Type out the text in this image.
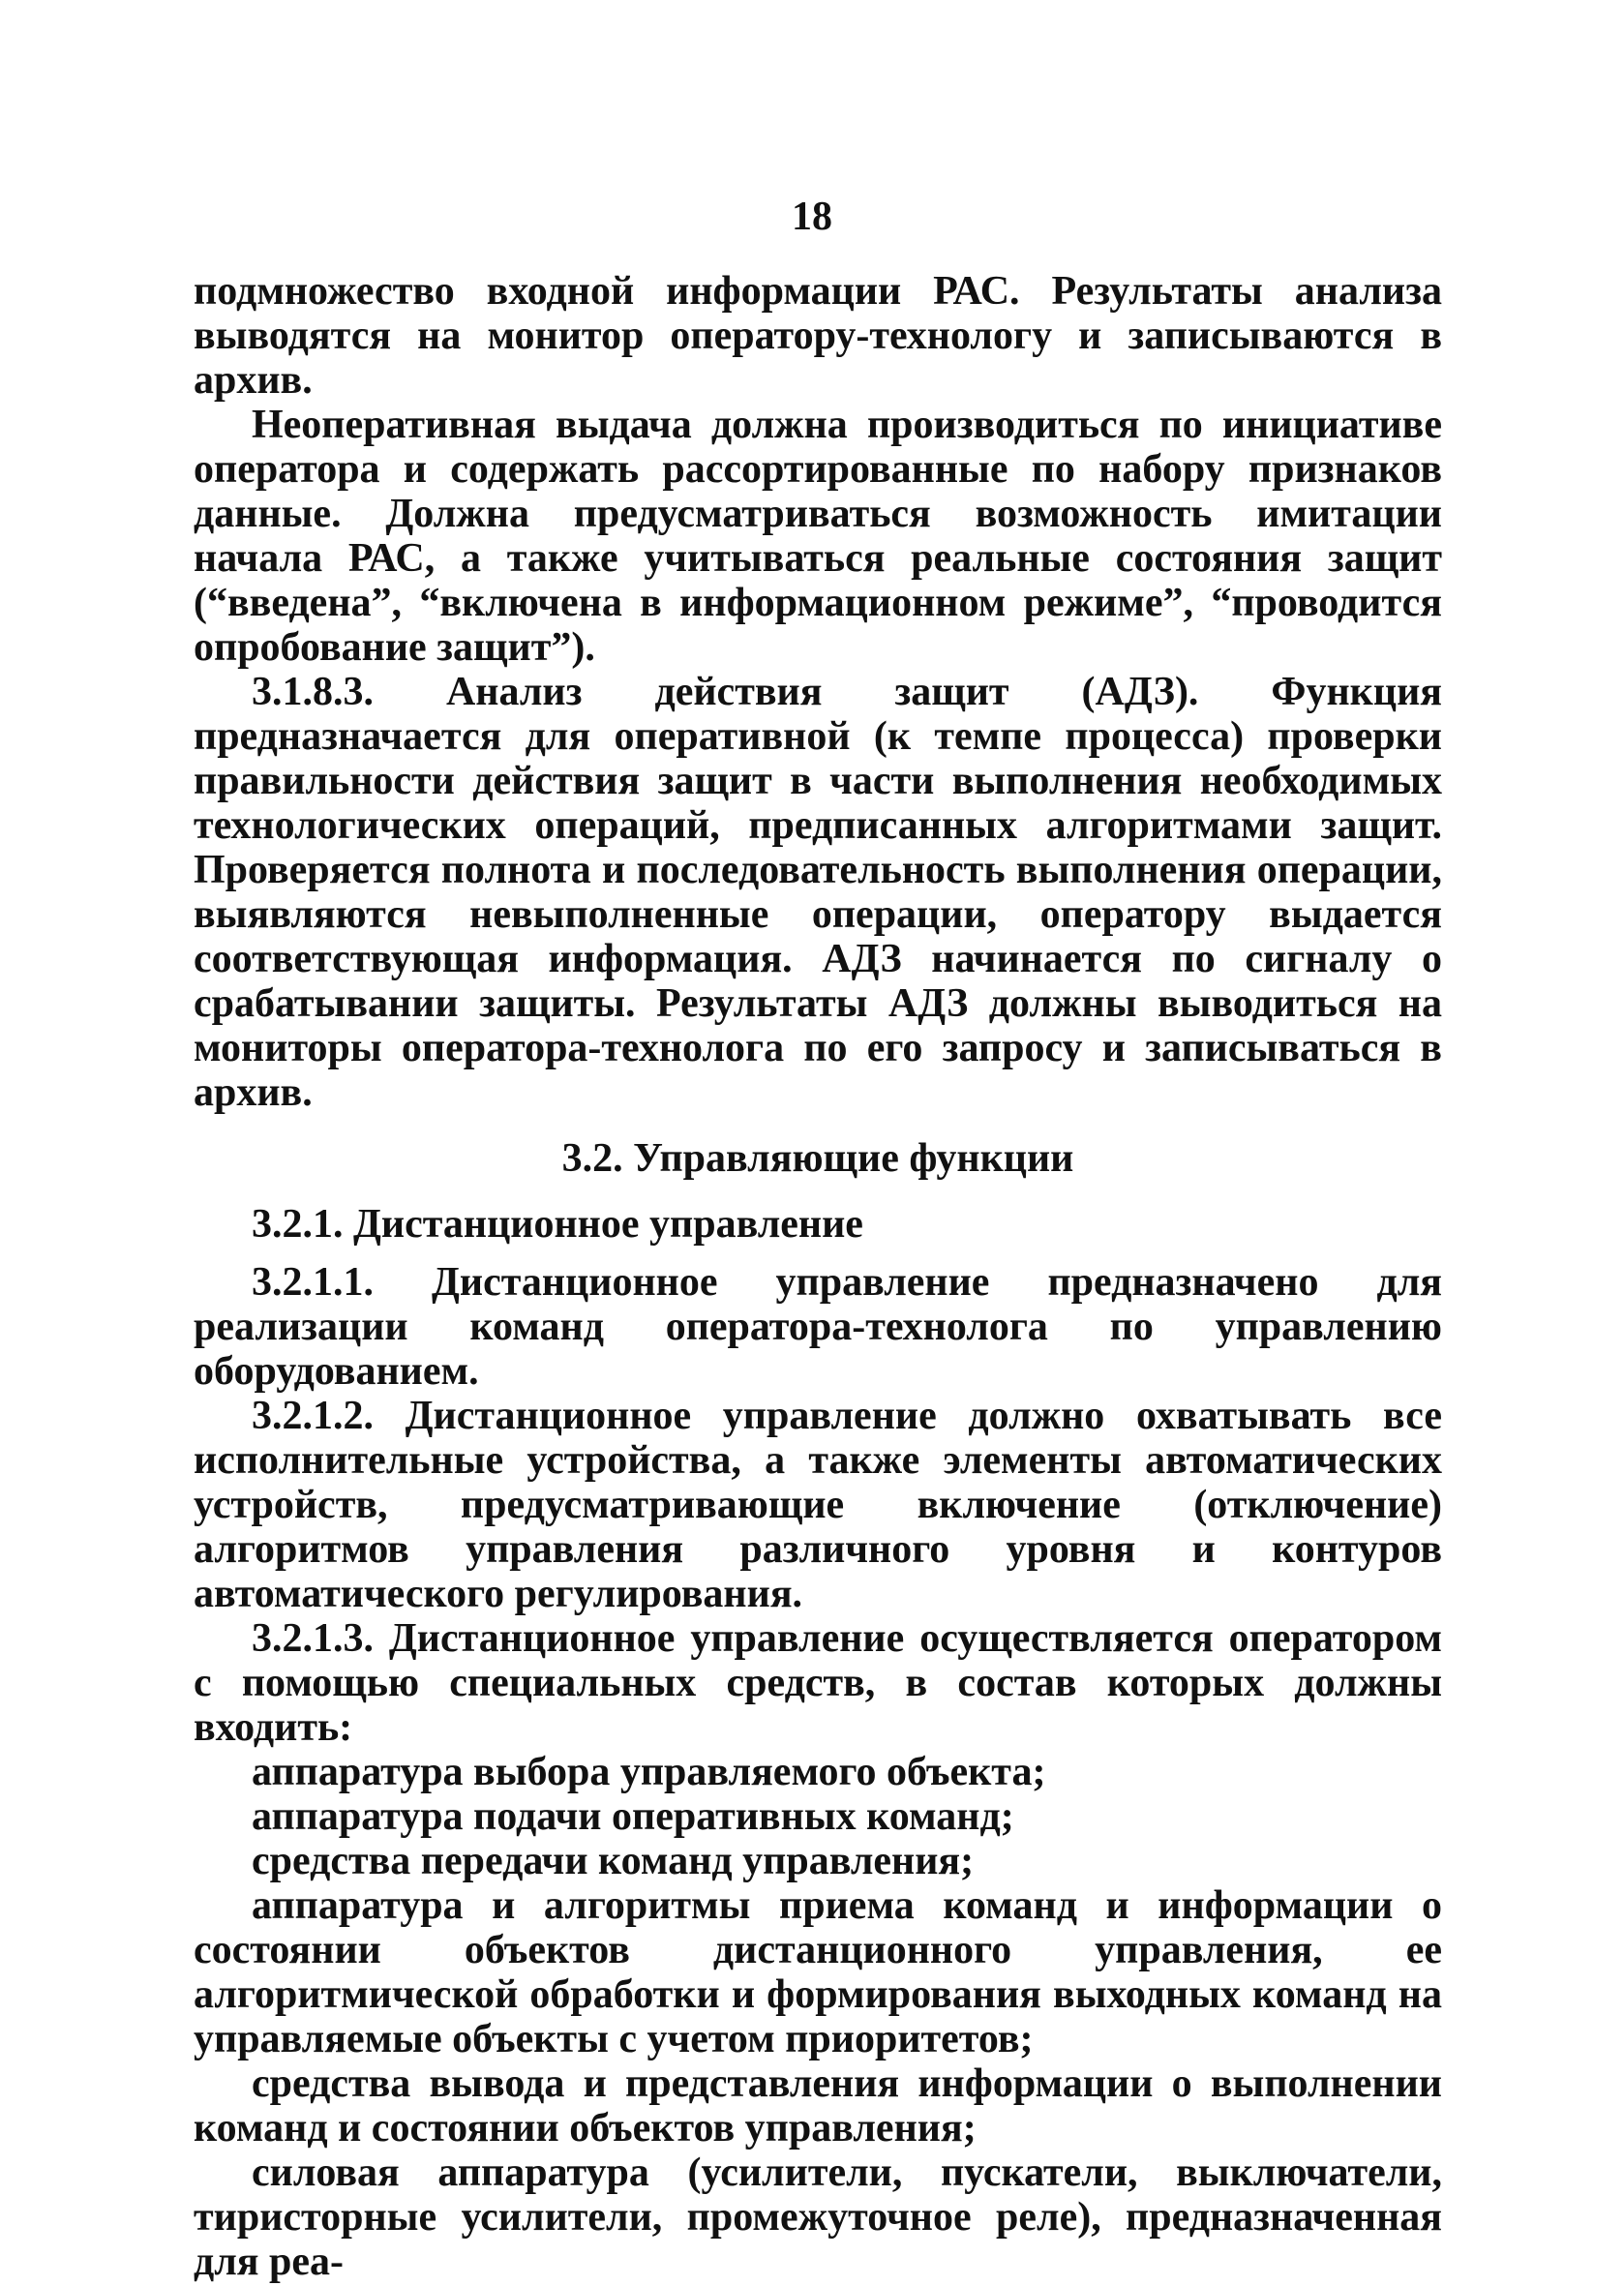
18

подмножество входной информации РАС. Результаты анализа выводятся на монитор оператору-технологу и записываются в архив.

Неоперативная выдача должна производиться по инициативе оператора и содержать рассортированные по набору признаков данные. Должна предусматриваться возможность имитации начала РАС, а также учитываться реальные состояния защит (“введена”, “включена в информационном режиме”, “проводится опробование защит”).

3.1.8.3. Анализ действия защит (АДЗ). Функция предназначается для оперативной (к темпе процесса) проверки правильности действия защит в части выполнения необходимых технологических операций, предписанных алгоритмами защит. Проверяется полнота и последовательность выполнения операции, выявляются невыполненные операции, оператору выдается соответствующая информация. АДЗ начинается по сигналу о срабатывании защиты. Результаты АДЗ должны выводиться на мониторы оператора-технолога по его запросу и записываться в архив.

3.2. Управляющие функции

3.2.1. Дистанционное управление

3.2.1.1. Дистанционное управление предназначено для реализации команд оператора-технолога по управлению оборудованием.

3.2.1.2. Дистанционное управление должно охватывать все исполнительные устройства, а также элементы автоматических устройств, предусматривающие включение (отключение) алгоритмов управления различного уровня и контуров автоматического регулирования.

3.2.1.3. Дистанционное управление осуществляется оператором с помощью специальных средств, в состав которых должны входить:

аппаратура выбора управляемого объекта;

аппаратура подачи оперативных команд;

средства передачи команд управления;

аппаратура и алгоритмы приема команд и информации о состоянии объектов дистанционного управления, ее алгоритмической обработки и формирования выходных команд на управляемые объекты с учетом приоритетов;

средства вывода и представления информации о выполнении команд и состоянии объектов управления;

силовая аппаратура (усилители, пускатели, выключатели, тиристорные усилители, промежуточное реле), предназначенная для реа-
